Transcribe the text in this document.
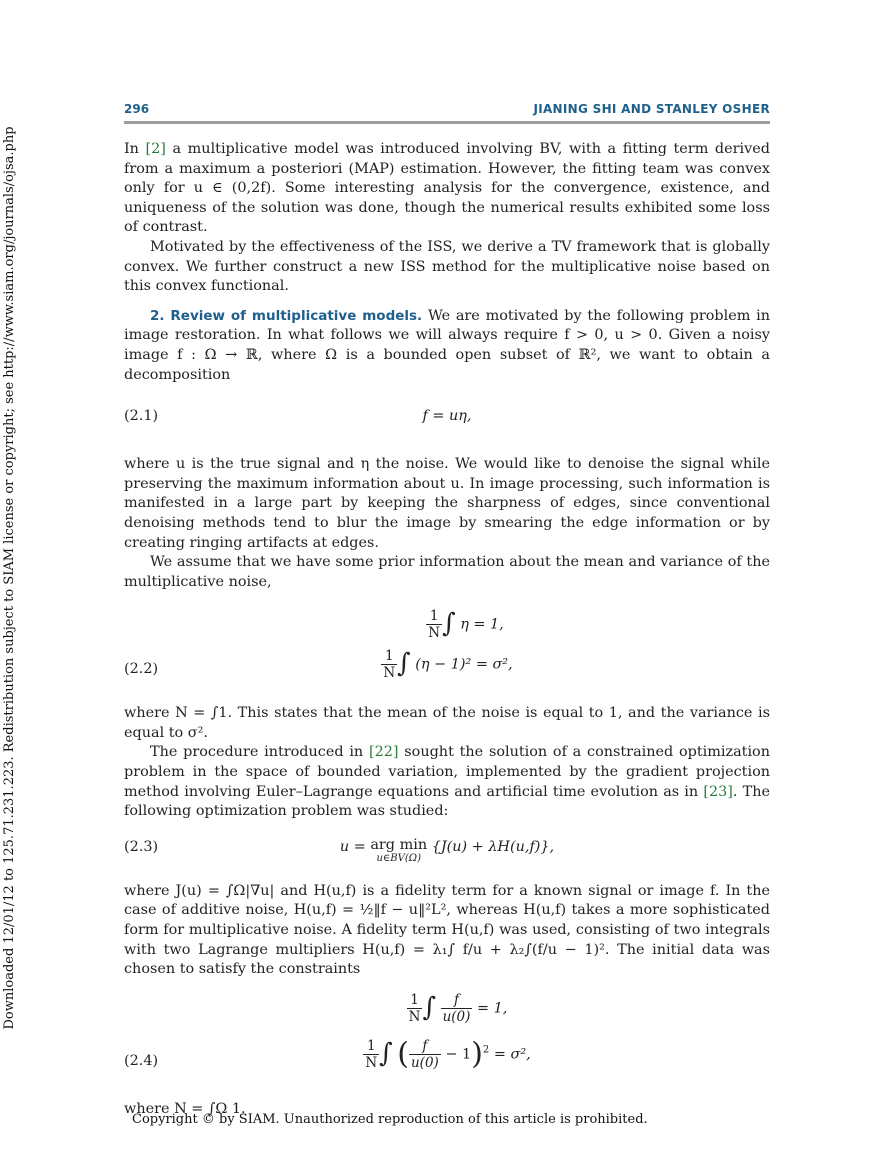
Downloaded 12/01/12 to 125.71.231.223. Redistribution subject to SIAM license or copyright; see http://www.siam.org/journals/ojsa.php
296	JIANING SHI AND STANLEY OSHER

In [2] a multiplicative model was introduced involving BV, with a fitting term derived from a maximum a posteriori (MAP) estimation. However, the fitting team was convex only for u ∈ (0,2f). Some interesting analysis for the convergence, existence, and uniqueness of the solution was done, though the numerical results exhibited some loss of contrast.

Motivated by the effectiveness of the ISS, we derive a TV framework that is globally convex. We further construct a new ISS method for the multiplicative noise based on this convex functional.

2. Review of multiplicative models. We are motivated by the following problem in image restoration. In what follows we will always require f > 0, u > 0. Given a noisy image f : Ω → ℝ, where Ω is a bounded open subset of ℝ², we want to obtain a decomposition

(2.1)	f = uη,

where u is the true signal and η the noise. We would like to denoise the signal while preserving the maximum information about u. In image processing, such information is manifested in a large part by keeping the sharpness of edges, since conventional denoising methods tend to blur the image by smearing the edge information or by creating ringing artifacts at edges.

We assume that we have some prior information about the mean and variance of the multiplicative noise,

$\frac{1}{N}$ ∫ η = 1,
(2.2)	$\frac{1}{N}$ ∫ (η − 1)² = σ²,

where N = ∫1. This states that the mean of the noise is equal to 1, and the variance is equal to σ².

The procedure introduced in [22] sought the solution of a constrained optimization problem in the space of bounded variation, implemented by the gradient projection method involving Euler–Lagrange equations and artificial time evolution as in [23]. The following optimization problem was studied:

(2.3)	u = arg min
u∈BV(Ω)
{J(u) + λH(u,f)},

where J(u) = ∫Ω|∇u| and H(u,f) is a fidelity term for a known signal or image f. In the case of additive noise, H(u,f) = ½‖f − u‖²L², whereas H(u,f) takes a more sophisticated form for multiplicative noise. A fidelity term H(u,f) was used, consisting of two integrals with two Lagrange multipliers H(u,f) = λ₁∫ f/u + λ₂∫(f/u − 1)². The initial data was chosen to satisfy the constraints

$\frac{1}{N}$ ∫ $\frac{f}{u(0)} = 1$,
(2.4)	$\frac{1}{N}$ ∫ ( $\frac{f}{u(0)} - 1)^2 = \sigma^2$,

where N = ∫Ω 1.

Copyright © by SIAM. Unauthorized reproduction of this article is prohibited.
